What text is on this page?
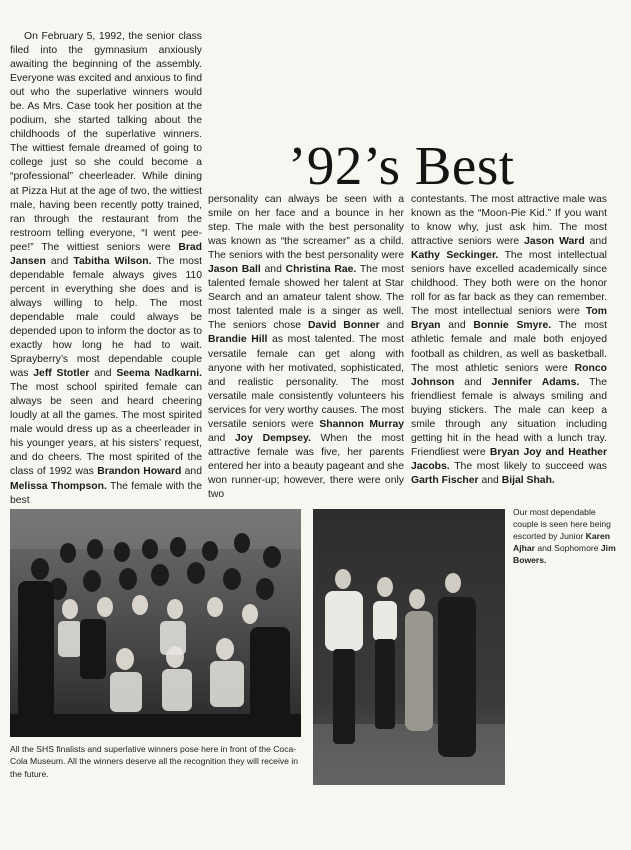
On February 5, 1992, the senior class filed into the gymnasium anxiously awaiting the beginning of the assembly. Everyone was excited and anxious to find out who the superlative winners would be. As Mrs. Case took her position at the podium, she started talking about the childhoods of the superlative winners. The wittiest female dreamed of going to college just so she could become a “professional” cheerleader. While dining at Pizza Hut at the age of two, the wittiest male, having been recently potty trained, ran through the restaurant from the restroom telling everyone, “I went pee-pee!” The wittiest seniors were Brad Jansen and Tabitha Wilson. The most dependable female always gives 110 percent in everything she does and is always willing to help. The most dependable male could always be depended upon to inform the doctor as to exactly how long he had to wait. Sprayberry’s most dependable couple was Jeff Stotler and Seema Nadkarni. The most school spirited female can always be seen and heard cheering loudly at all the games. The most spirited male would dress up as a cheerleader in his younger years, at his sisters’ request, and do cheers. The most spirited of the class of 1992 was Brandon Howard and Melissa Thompson. The female with the best

personality can always be seen with a smile on her face and a bounce in her step. The male with the best personality was known as “the screamer” as a child. The seniors with the best personality were Jason Ball and Christina Rae. The most talented female showed her talent at Star Search and an amateur talent show. The most talented male is a singer as well. The seniors chose David Bonner and Brandie Hill as most talented. The most versatile female can get along with anyone with her motivated, sophisticated, and realistic personality. The most versatile male consistently volunteers his services for very worthy causes. The most versatile seniors were Shannon Murray and Joy Dempsey. When the most attractive female was five, her parents entered her into a beauty pageant and she won runner-up; however, there were only two

contestants. The most attractive male was known as the “Moon-Pie Kid.” If you want to know why, just ask him. The most attractive seniors were Jason Ward and Kathy Seckinger. The most intellectual seniors have excelled academically since childhood. They both were on the honor roll for as far back as they can remember. The most intellectual seniors were Tom Bryan and Bonnie Smyre. The most athletic female and male both enjoyed football as children, as well as basketball. The most athletic seniors were Ronco Johnson and Jennifer Adams. The friendliest female is always smiling and buying stickers. The male can keep a smile through any situation including getting hit in the head with a lunch tray. Friendliest were Bryan Joy and Heather Jacobs. The most likely to succeed was Garth Fischer and Bijal Shah.

’92’s Best
All the SHS finalists and superlative winners pose here in front of the Coca-Cola Museum. All the winners deserve all the recognition they will receive in the future.
Our most dependable couple is seen here being escorted by Junior Karen Ajhar and Sophomore Jim Bowers.
